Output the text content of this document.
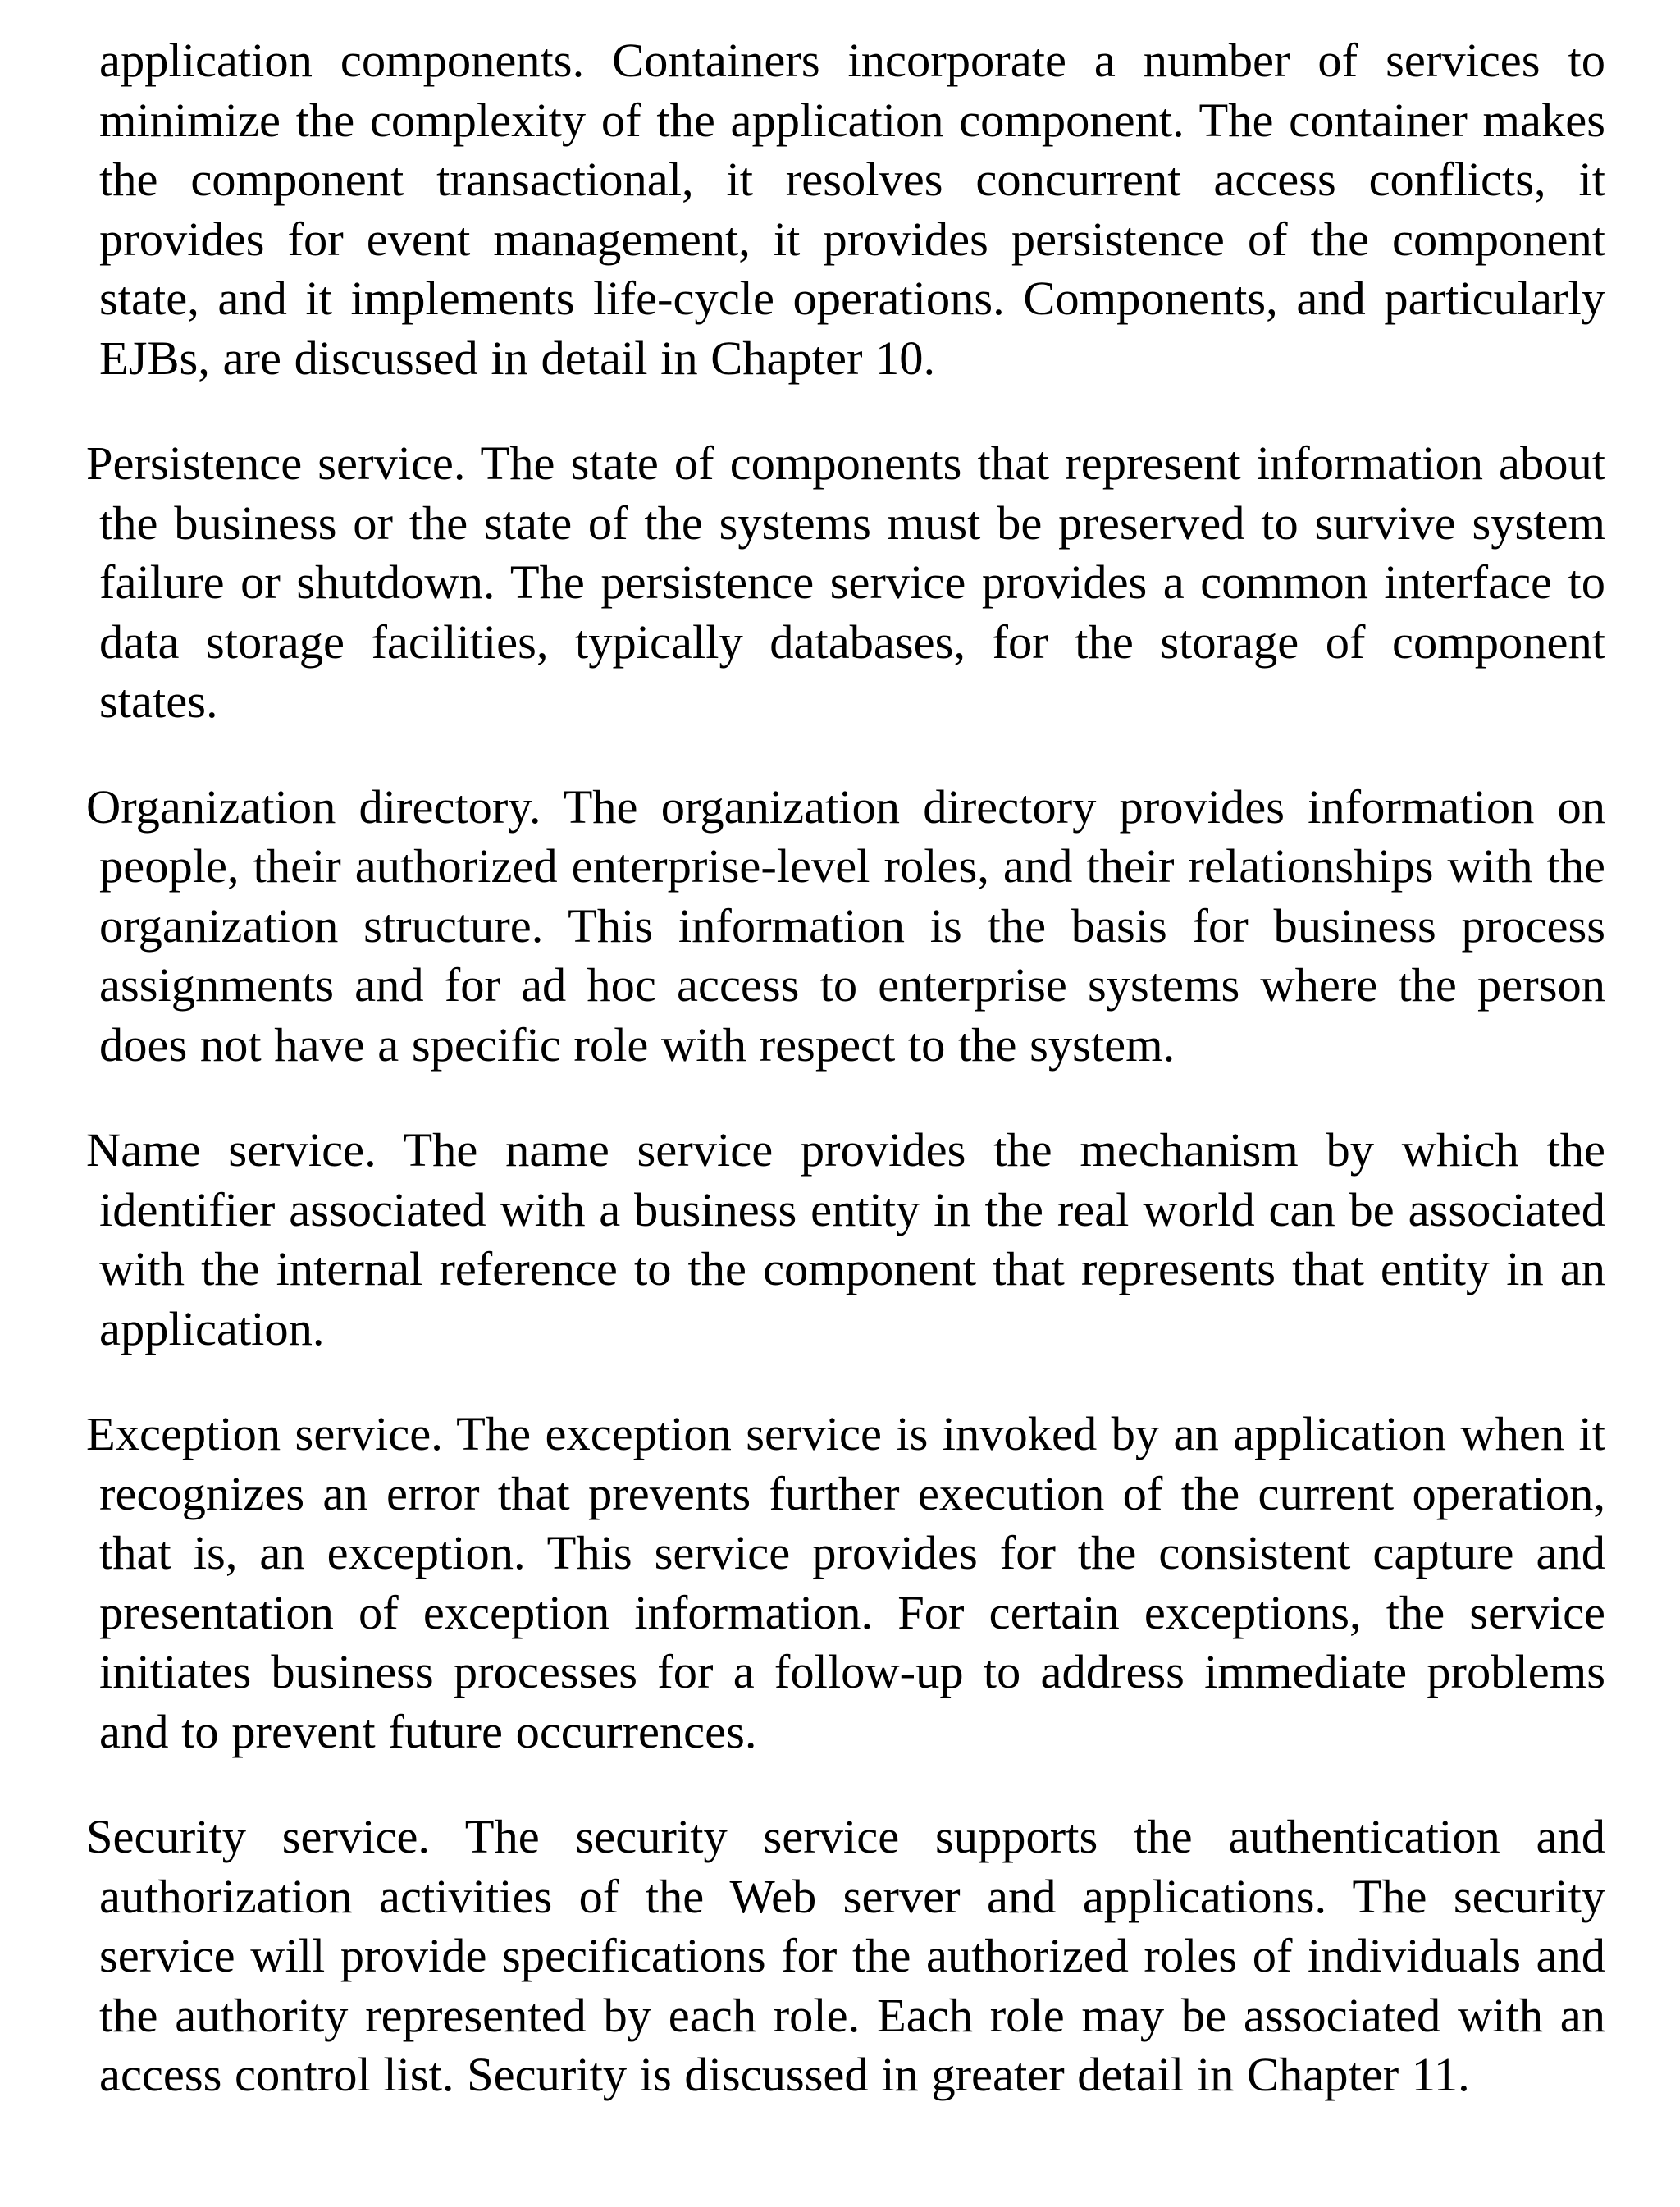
application components. Containers incorporate a number of services to minimize the complexity of the application component. The container makes the component transactional, it resolves concurrent access conflicts, it provides for event management, it provides persistence of the component state, and it implements life-cycle operations. Components, and particularly EJBs, are discussed in detail in Chapter 10.

Persistence service. The state of components that represent information about the business or the state of the systems must be preserved to survive system failure or shutdown. The persistence service provides a common interface to data storage facilities, typically databases, for the storage of component states.

Organization directory. The organization directory provides information on people, their authorized enterprise-level roles, and their relationships with the organization structure. This information is the basis for business process assignments and for ad hoc access to enterprise systems where the person does not have a specific role with respect to the system.

Name service. The name service provides the mechanism by which the identifier associated with a business entity in the real world can be associated with the internal reference to the component that represents that entity in an application.

Exception service. The exception service is invoked by an application when it recognizes an error that prevents further execution of the current operation, that is, an exception. This service provides for the consistent capture and presentation of exception information. For certain exceptions, the service initiates business processes for a follow-up to address immediate problems and to prevent future occurrences.

Security service. The security service supports the authentication and authorization activities of the Web server and applications. The security service will provide specifications for the authorized roles of individuals and the authority represented by each role. Each role may be associated with an access control list. Security is discussed in greater detail in Chapter 11.
